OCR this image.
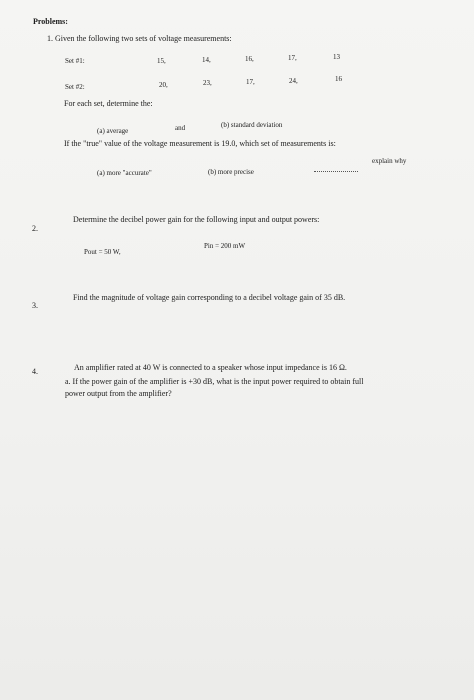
Problems:
1. Given the following two sets of voltage measurements:
Set #1:	15,	14,	16,	17,	13
Set #2:	20,	23,	17,	24,	16
For each set, determine the:
(a) average	and	(b) standard deviation
If the "true" value of the voltage measurement is 19.0, which set of measurements is:
(a) more "accurate"	(b) more precise
explain why
2.
Determine the decibel power gain for the following input and output powers:
Pout = 50 W,
Pin = 200 mW
3.
Find the magnitude of voltage gain corresponding to a decibel voltage gain of 35 dB.
4.	An amplifier rated at 40 W is connected to a speaker whose input impedance is 16 Ω.
a. If the power gain of the amplifier is +30 dB, what is the input power required to obtain full
power output from the amplifier?
